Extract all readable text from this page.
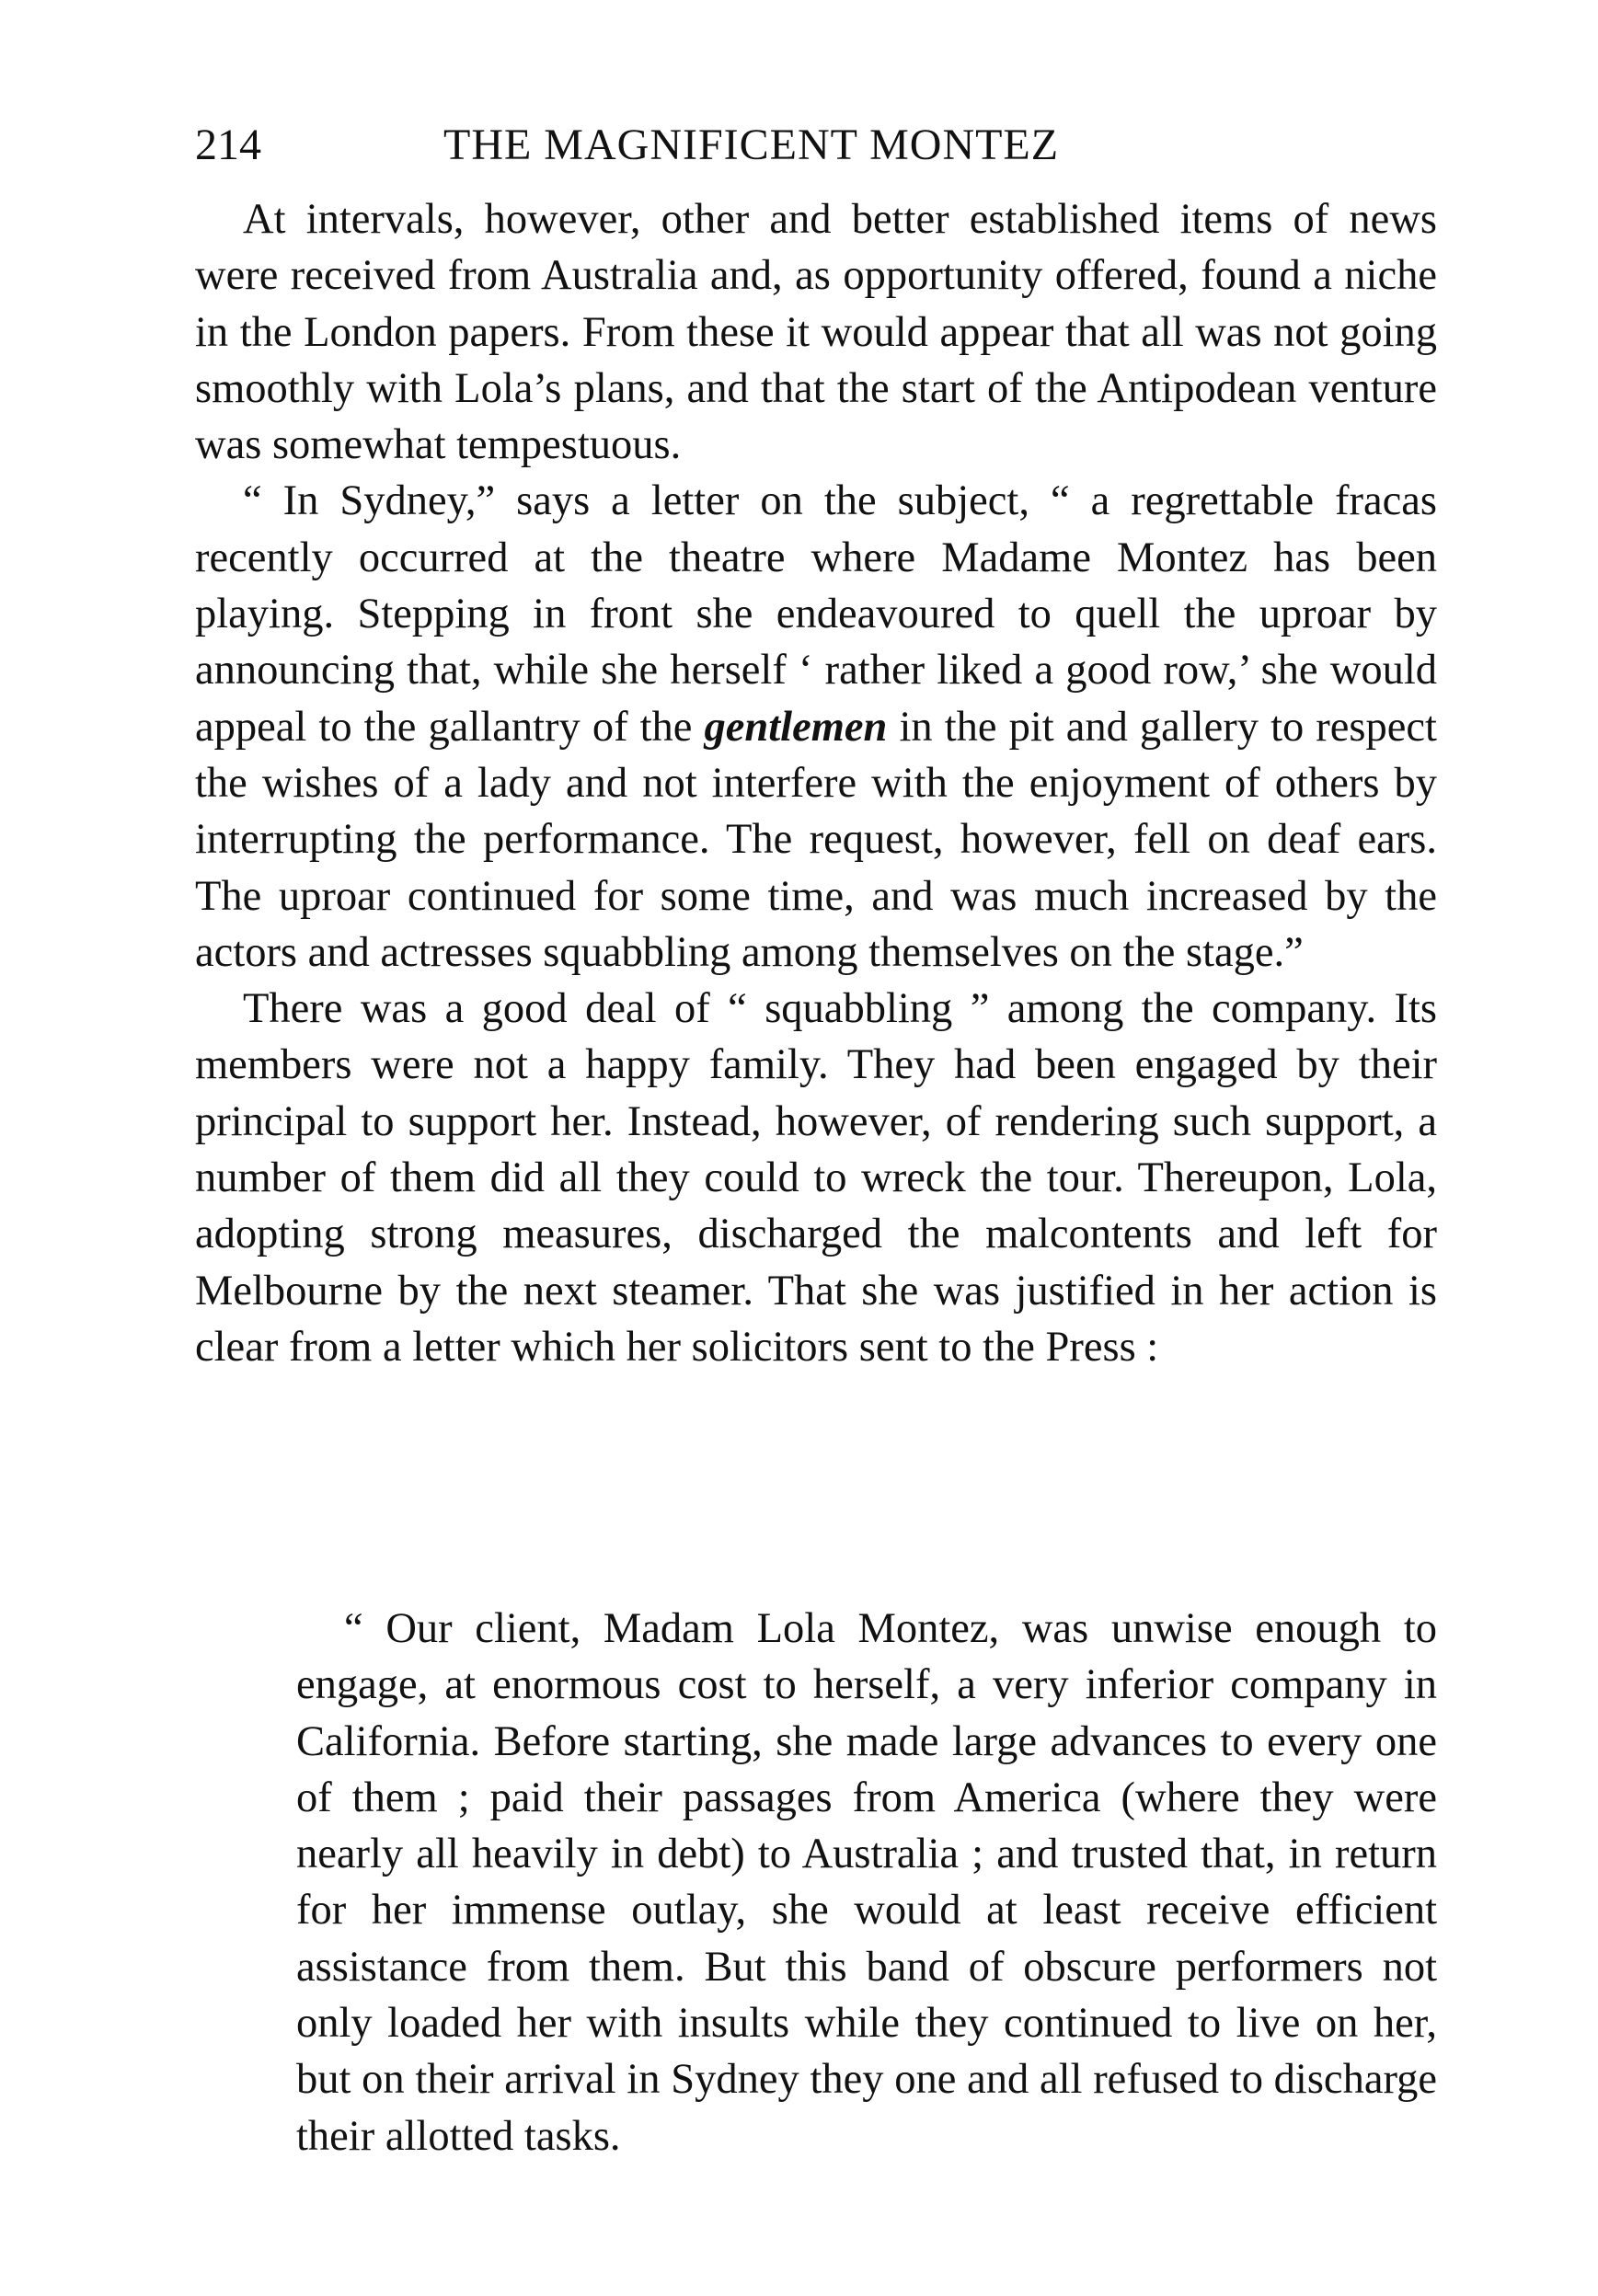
214	THE MAGNIFICENT MONTEZ

At intervals, however, other and better established items of news were received from Australia and, as opportunity offered, found a niche in the London papers. From these it would appear that all was not going smoothly with Lola’s plans, and that the start of the Antipodean venture was somewhat tempestuous.

“ In Sydney,” says a letter on the subject, “ a regrettable fracas recently occurred at the theatre where Madame Montez has been playing. Stepping in front she endeavoured to quell the uproar by announcing that, while she herself ‘ rather liked a good row,’ she would appeal to the gallantry of the gentlemen in the pit and gallery to respect the wishes of a lady and not interfere with the enjoyment of others by interrupting the performance. The request, however, fell on deaf ears. The uproar continued for some time, and was much increased by the actors and actresses squabbling among themselves on the stage.”

There was a good deal of “ squabbling ” among the company. Its members were not a happy family. They had been engaged by their principal to support her. Instead, however, of rendering such support, a number of them did all they could to wreck the tour. Thereupon, Lola, adopting strong measures, discharged the malcontents and left for Melbourne by the next steamer. That she was justified in her action is clear from a letter which her solicitors sent to the Press :

“ Our client, Madam Lola Montez, was unwise enough to engage, at enormous cost to herself, a very inferior company in California. Before starting, she made large advances to every one of them ; paid their passages from America (where they were nearly all heavily in debt) to Australia ; and trusted that, in return for her immense outlay, she would at least receive efficient assistance from them. But this band of obscure performers not only loaded her with insults while they continued to live on her, but on their arrival in Sydney they one and all refused to discharge their allotted tasks.
